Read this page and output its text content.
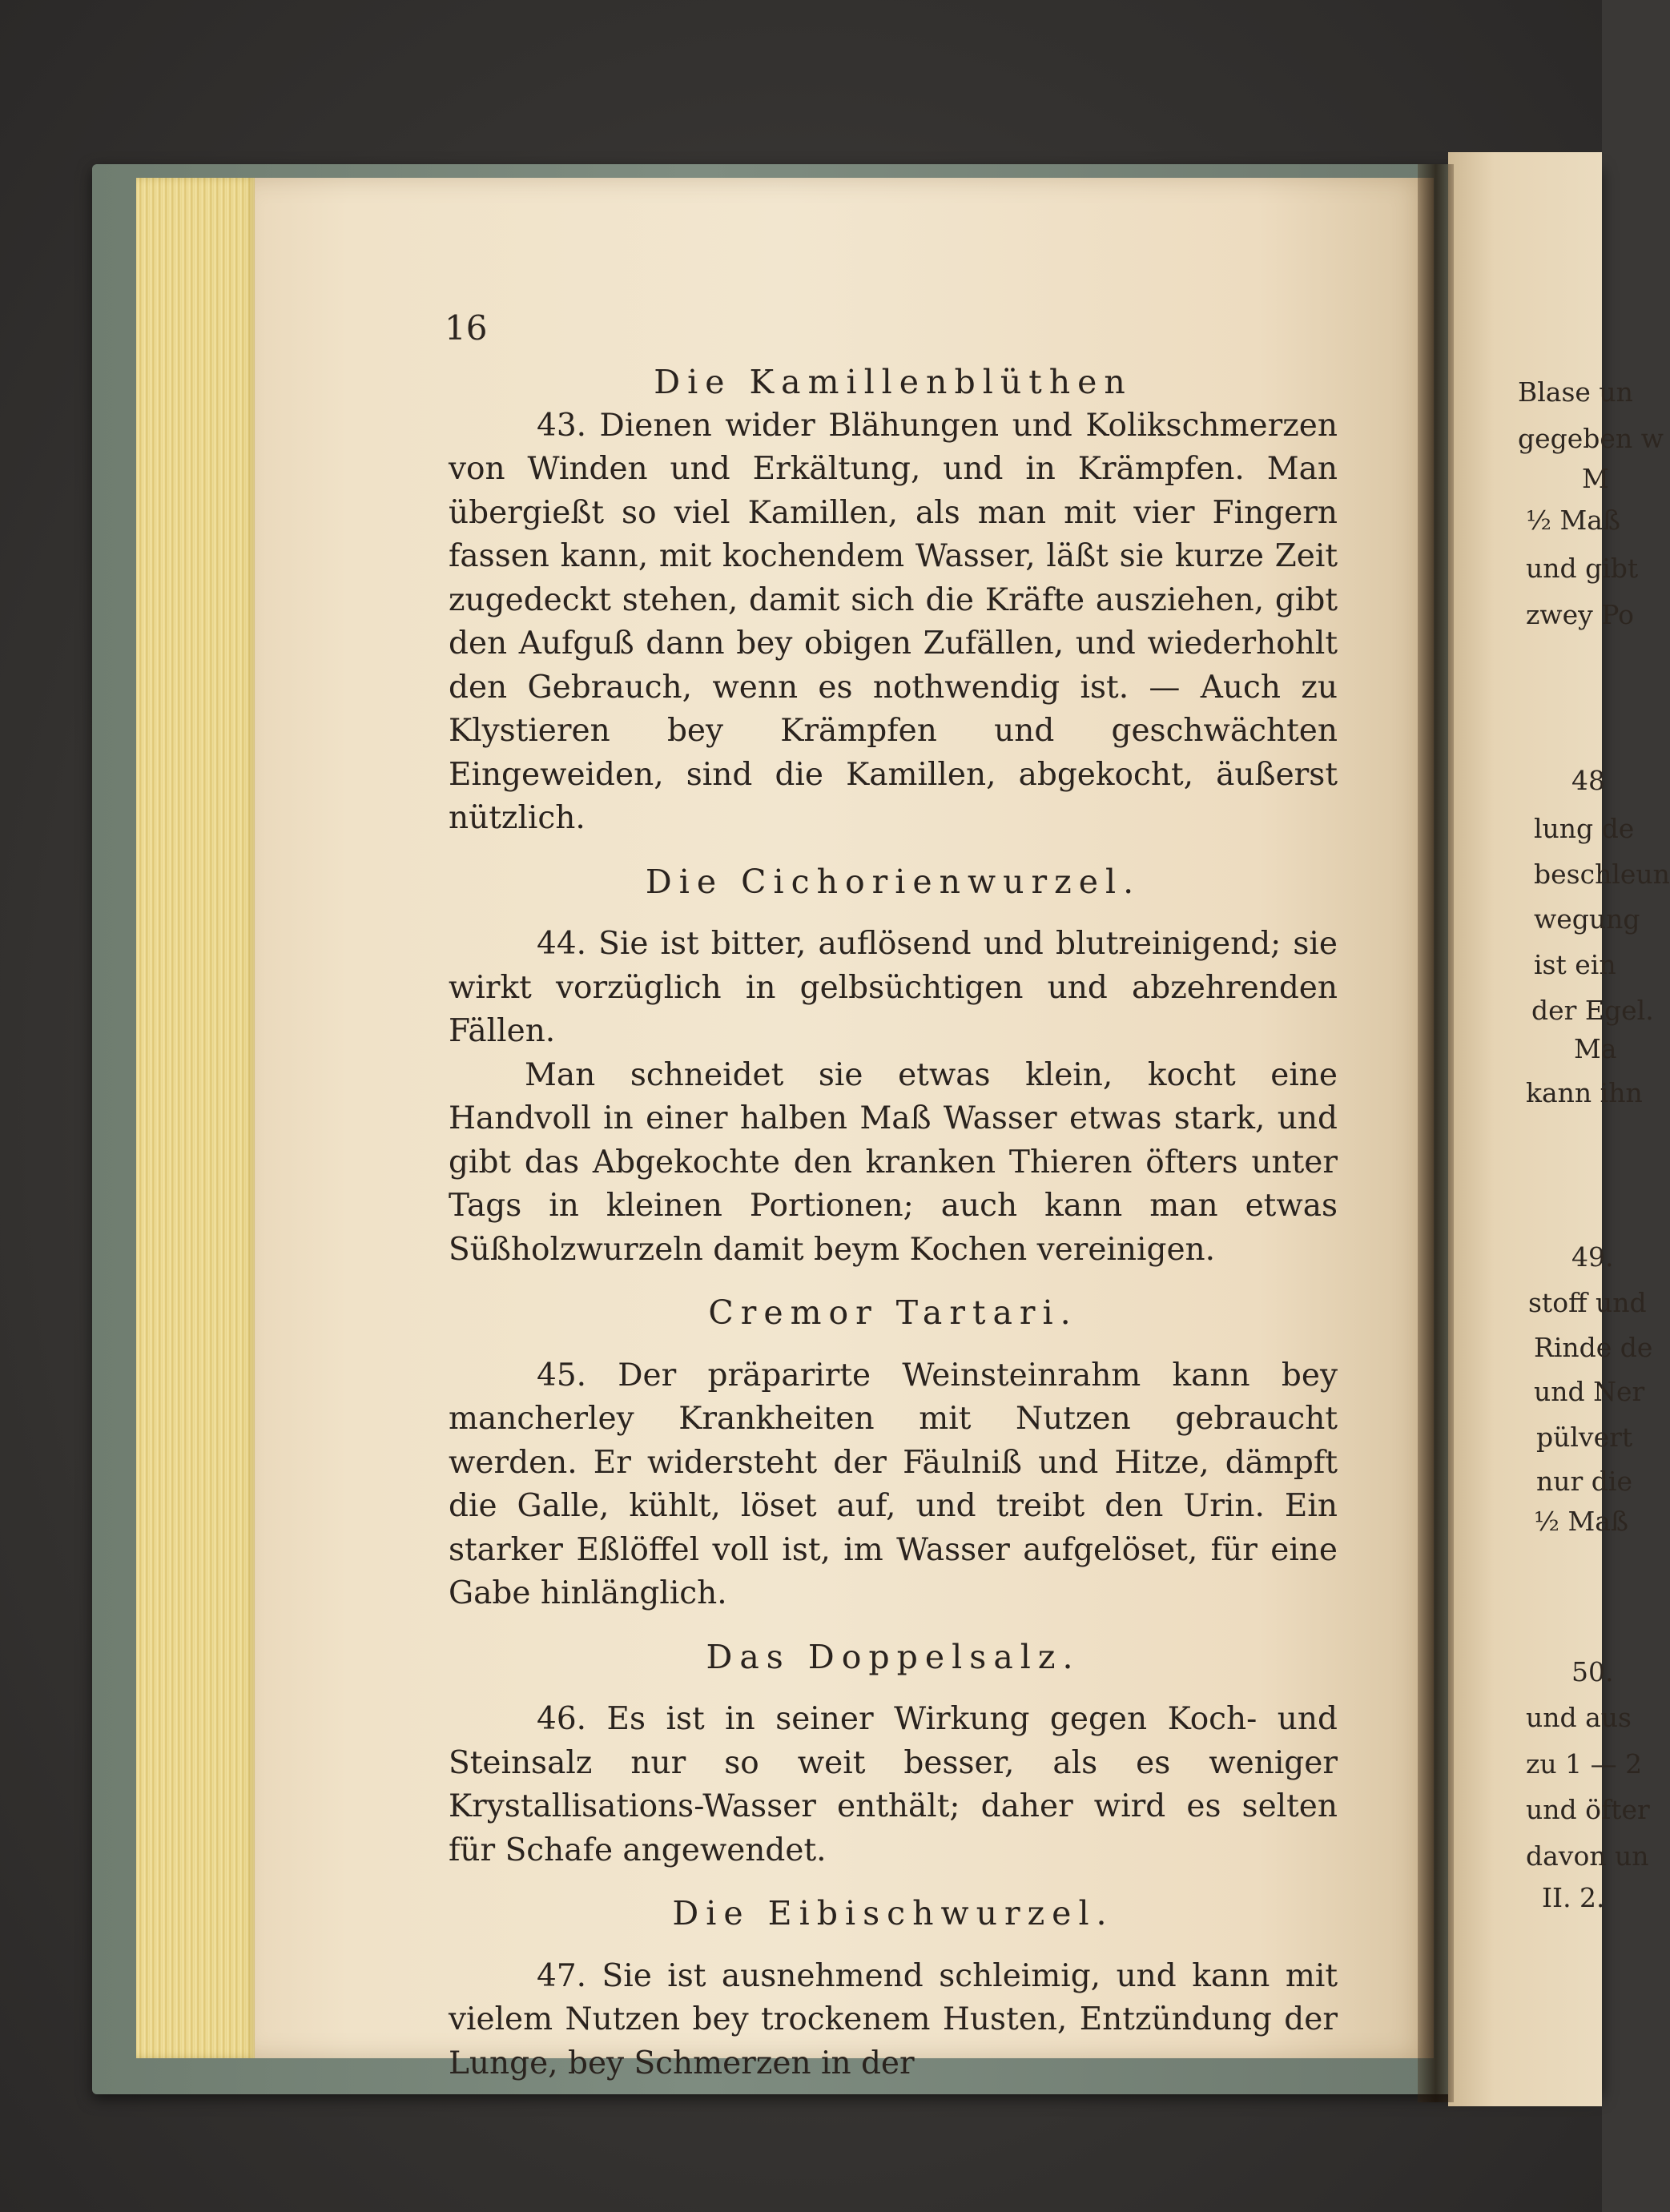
16
Die Kamillenblüthen

43. Dienen wider Blähungen und Kolikschmerzen von Winden und Erkältung, und in Krämpfen. Man übergießt so viel Kamillen, als man mit vier Fingern fassen kann, mit kochendem Wasser, läßt sie kurze Zeit zugedeckt stehen, damit sich die Kräfte ausziehen, gibt den Aufguß dann bey obigen Zufällen, und wiederhohlt den Gebrauch, wenn es nothwendig ist. — Auch zu Klystieren bey Krämpfen und geschwächten Eingeweiden, sind die Kamillen, abgekocht, äußerst nützlich.

Die Cichorienwurzel.

44. Sie ist bitter, auflösend und blutreinigend; sie wirkt vorzüglich in gelbsüchtigen und abzehrenden Fällen.

Man schneidet sie etwas klein, kocht eine Handvoll in einer halben Maß Wasser etwas stark, und gibt das Abgekochte den kranken Thieren öfters unter Tags in kleinen Portionen; auch kann man etwas Süßholzwurzeln damit beym Kochen vereinigen.

Cremor Tartari.

45. Der präparirte Weinsteinrahm kann bey mancherley Krankheiten mit Nutzen gebraucht werden. Er widersteht der Fäulniß und Hitze, dämpft die Galle, kühlt, löset auf, und treibt den Urin. Ein starker Eßlöffel voll ist, im Wasser aufgelöset, für eine Gabe hinlänglich.

Das Doppelsalz.

46. Es ist in seiner Wirkung gegen Koch- und Steinsalz nur so weit besser, als es weniger Krystallisations-Wasser enthält; daher wird es selten für Schafe angewendet.

Die Eibischwurzel.

47. Sie ist ausnehmend schleimig, und kann mit vielem Nutzen bey trockenem Husten, Entzündung der Lunge, bey Schmerzen in der

Blase un
gegeben w
M
½ Maß
und gibt
zwey Po
48
lung de
beschleun
wegung
ist ein
der Egel.
Ma
kann ihn
49.
stoff und
Rinde de
und Ner
pülvert
nur die
½ Maß
50.
und aus
zu 1 — 2
und öfter
davon un
II. 2.
